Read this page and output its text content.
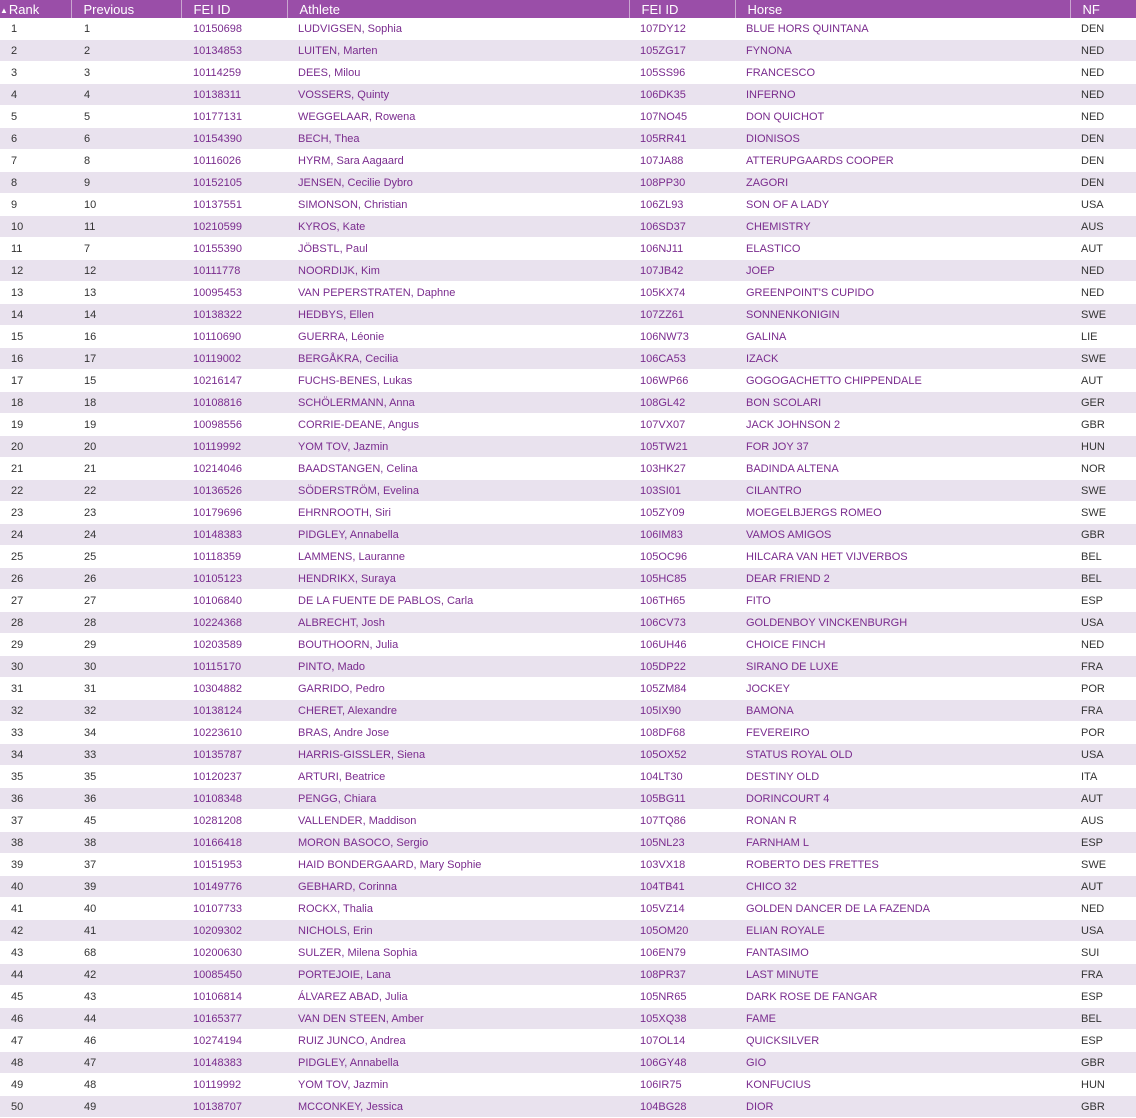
▲Rank	Previous	FEI ID	Athlete	FEI ID	Horse	NF
1	1	10150698	LUDVIGSEN, Sophia	107DY12	BLUE HORS QUINTANA	DEN
2	2	10134853	LUITEN, Marten	105ZG17	FYNONA	NED
3	3	10114259	DEES, Milou	105SS96	FRANCESCO	NED
4	4	10138311	VOSSERS, Quinty	106DK35	INFERNO	NED
5	5	10177131	WEGGELAAR, Rowena	107NO45	DON QUICHOT	NED
6	6	10154390	BECH, Thea	105RR41	DIONISOS	DEN
7	8	10116026	HYRM, Sara Aagaard	107JA88	ATTERUPGAARDS COOPER	DEN
8	9	10152105	JENSEN, Cecilie Dybro	108PP30	ZAGORI	DEN
9	10	10137551	SIMONSON, Christian	106ZL93	SON OF A LADY	USA
10	11	10210599	KYROS, Kate	106SD37	CHEMISTRY	AUS
11	7	10155390	JÖBSTL, Paul	106NJ11	ELASTICO	AUT
12	12	10111778	NOORDIJK, Kim	107JB42	JOEP	NED
13	13	10095453	VAN PEPERSTRATEN, Daphne	105KX74	GREENPOINT'S CUPIDO	NED
14	14	10138322	HEDBYS, Ellen	107ZZ61	SONNENKONIGIN	SWE
15	16	10110690	GUERRA, Léonie	106NW73	GALINA	LIE
16	17	10119002	BERGÅKRA, Cecilia	106CA53	IZACK	SWE
17	15	10216147	FUCHS-BENES, Lukas	106WP66	GOGOGACHETTO CHIPPENDALE	AUT
18	18	10108816	SCHÖLERMANN, Anna	108GL42	BON SCOLARI	GER
19	19	10098556	CORRIE-DEANE, Angus	107VX07	JACK JOHNSON 2	GBR
20	20	10119992	YOM TOV, Jazmin	105TW21	FOR JOY 37	HUN
21	21	10214046	BAADSTANGEN, Celina	103HK27	BADINDA ALTENA	NOR
22	22	10136526	SÖDERSTRÖM, Evelina	103SI01	CILANTRO	SWE
23	23	10179696	EHRNROOTH, Siri	105ZY09	MOEGELBJERGS ROMEO	SWE
24	24	10148383	PIDGLEY, Annabella	106IM83	VAMOS AMIGOS	GBR
25	25	10118359	LAMMENS, Lauranne	105OC96	HILCARA VAN HET VIJVERBOS	BEL
26	26	10105123	HENDRIKX, Suraya	105HC85	DEAR FRIEND 2	BEL
27	27	10106840	DE LA FUENTE DE PABLOS, Carla	106TH65	FITO	ESP
28	28	10224368	ALBRECHT, Josh	106CV73	GOLDENBOY VINCKENBURGH	USA
29	29	10203589	BOUTHOORN, Julia	106UH46	CHOICE FINCH	NED
30	30	10115170	PINTO, Mado	105DP22	SIRANO DE LUXE	FRA
31	31	10304882	GARRIDO, Pedro	105ZM84	JOCKEY	POR
32	32	10138124	CHERET, Alexandre	105IX90	BAMONA	FRA
33	34	10223610	BRAS, Andre Jose	108DF68	FEVEREIRO	POR
34	33	10135787	HARRIS-GISSLER, Siena	105OX52	STATUS ROYAL OLD	USA
35	35	10120237	ARTURI, Beatrice	104LT30	DESTINY OLD	ITA
36	36	10108348	PENGG, Chiara	105BG11	DORINCOURT 4	AUT
37	45	10281208	VALLENDER, Maddison	107TQ86	RONAN R	AUS
38	38	10166418	MORON BASOCO, Sergio	105NL23	FARNHAM L	ESP
39	37	10151953	HAID BONDERGAARD, Mary Sophie	103VX18	ROBERTO DES FRETTES	SWE
40	39	10149776	GEBHARD, Corinna	104TB41	CHICO 32	AUT
41	40	10107733	ROCKX, Thalia	105VZ14	GOLDEN DANCER DE LA FAZENDA	NED
42	41	10209302	NICHOLS, Erin	105OM20	ELIAN ROYALE	USA
43	68	10200630	SULZER, Milena Sophia	106EN79	FANTASIMO	SUI
44	42	10085450	PORTEJOIE, Lana	108PR37	LAST MINUTE	FRA
45	43	10106814	ÁLVAREZ ABAD, Julia	105NR65	DARK ROSE DE FANGAR	ESP
46	44	10165377	VAN DEN STEEN, Amber	105XQ38	FAME	BEL
47	46	10274194	RUIZ JUNCO, Andrea	107OL14	QUICKSILVER	ESP
48	47	10148383	PIDGLEY, Annabella	106GY48	GIO	GBR
49	48	10119992	YOM TOV, Jazmin	106IR75	KONFUCIUS	HUN
50	49	10138707	MCCONKEY, Jessica	104BG28	DIOR	GBR
